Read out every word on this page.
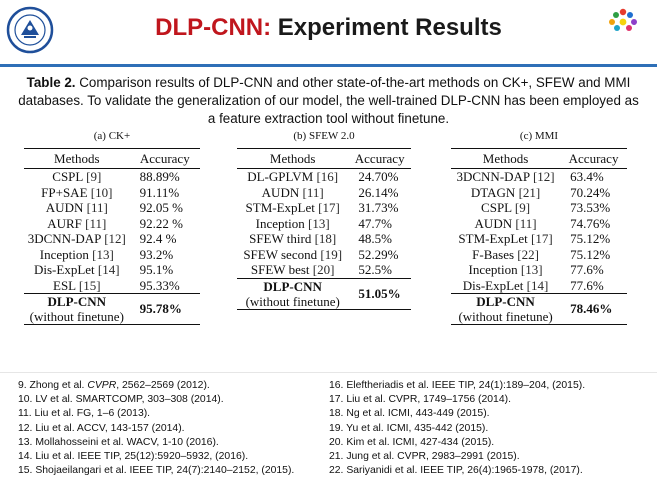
DLP-CNN: Experiment Results
Table 2. Comparison results of DLP-CNN and other state-of-the-art methods on CK+, SFEW and MMI databases. To validate the generalization of our model, the well-trained DLP-CNN has been employed as a feature extraction tool without finetune.
(a) CK+
Methods	Accuracy
CSPL [9]	88.89%
FP+SAE [10]	91.11%
AUDN [11]	92.05 %
AURF [11]	92.22 %
3DCNN-DAP [12]	92.4 %
Inception [13]	93.2%
Dis-ExpLet [14]	95.1%
ESL [15]	95.33%

DLP-CNN
(without finetune)	95.78%
(b) SFEW 2.0
Methods	Accuracy
DL-GPLVM [16]	24.70%
AUDN [11]	26.14%
STM-ExpLet [17]	31.73%
Inception [13]	47.7%
SFEW third [18]	48.5%
SFEW second [19]	52.29%
SFEW best [20]	52.5%

DLP-CNN
(without finetune)	51.05%
(c) MMI
Methods	Accuracy
3DCNN-DAP [12]	63.4%
DTAGN [21]	70.24%
CSPL [9]	73.53%
AUDN [11]	74.76%
STM-ExpLet [17]	75.12%
F-Bases [22]	75.12%
Inception [13]	77.6%
Dis-ExpLet [14]	77.6%

DLP-CNN
(without finetune)	78.46%
9. Zhong et al. CVPR, 2562–2569 (2012).
10. LV et al. SMARTCOMP, 303–308 (2014).
11. Liu et al. FG, 1–6 (2013).
12. Liu et al. ACCV, 143-157 (2014).
13. Mollahosseini et al. WACV, 1-10 (2016).
14. Liu et al. IEEE TIP, 25(12):5920–5932, (2016).
15. Shojaeilangari et al. IEEE TIP, 24(7):2140–2152, (2015).
16. Eleftheriadis et al. IEEE TIP, 24(1):189–204, (2015).
17. Liu et al. CVPR, 1749–1756 (2014).
18. Ng et al. ICMI, 443-449 (2015).
19. Yu et al. ICMI, 435-442 (2015).
20. Kim et al. ICMI, 427-434 (2015).
21. Jung et al. CVPR, 2983–2991 (2015).
22. Sariyanidi et al. IEEE TIP, 26(4):1965-1978, (2017).
